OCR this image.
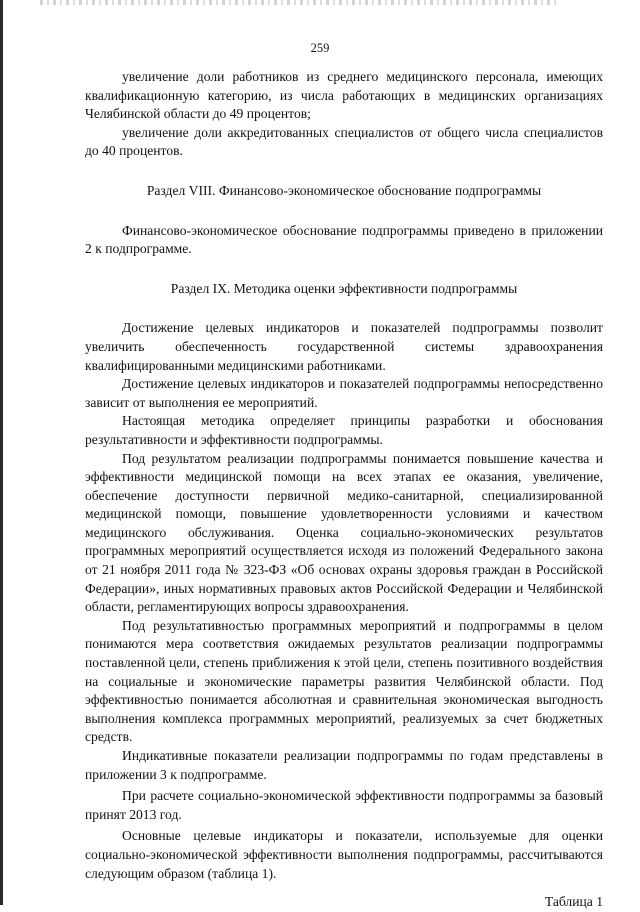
259

увеличение доли работников из среднего медицинского персонала, имеющих квалификационную категорию, из числа работающих в медицинских организациях Челябинской области до 49 процентов;

увеличение доли аккредитованных специалистов от общего числа специалистов до 40 процентов.

Раздел VIII. Финансово-экономическое обоснование подпрограммы

Финансово-экономическое обоснование подпрограммы приведено в приложении 2 к подпрограмме.

Раздел IX. Методика оценки эффективности подпрограммы

Достижение целевых индикаторов и показателей подпрограммы позволит увеличить обеспеченность государственной системы здравоохранения квалифицированными медицинскими работниками.

Достижение целевых индикаторов и показателей подпрограммы непосредственно зависит от выполнения ее мероприятий.

Настоящая методика определяет принципы разработки и обоснования результативности и эффективности подпрограммы.

Под результатом реализации подпрограммы понимается повышение качества и эффективности медицинской помощи на всех этапах ее оказания, увеличение, обеспечение доступности первичной медико-санитарной, специализированной медицинской помощи, повышение удовлетворенности условиями и качеством медицинского обслуживания. Оценка социально-экономических результатов программных мероприятий осуществляется исходя из положений Федерального закона от 21 ноября 2011 года № 323-ФЗ «Об основах охраны здоровья граждан в Российской Федерации», иных нормативных правовых актов Российской Федерации и Челябинской области, регламентирующих вопросы здравоохранения.

Под результативностью программных мероприятий и подпрограммы в целом понимаются мера соответствия ожидаемых результатов реализации подпрограммы поставленной цели, степень приближения к этой цели, степень позитивного воздействия на социальные и экономические параметры развития Челябинской области. Под эффективностью понимается абсолютная и сравнительная экономическая выгодность выполнения комплекса программных мероприятий, реализуемых за счет бюджетных средств.

Индикативные показатели реализации подпрограммы по годам представлены в приложении 3 к подпрограмме.

При расчете социально-экономической эффективности подпрограммы за базовый принят 2013 год.

Основные целевые индикаторы и показатели, используемые для оценки социально-экономической эффективности выполнения подпрограммы, рассчитываются следующим образом (таблица 1).

Таблица 1
